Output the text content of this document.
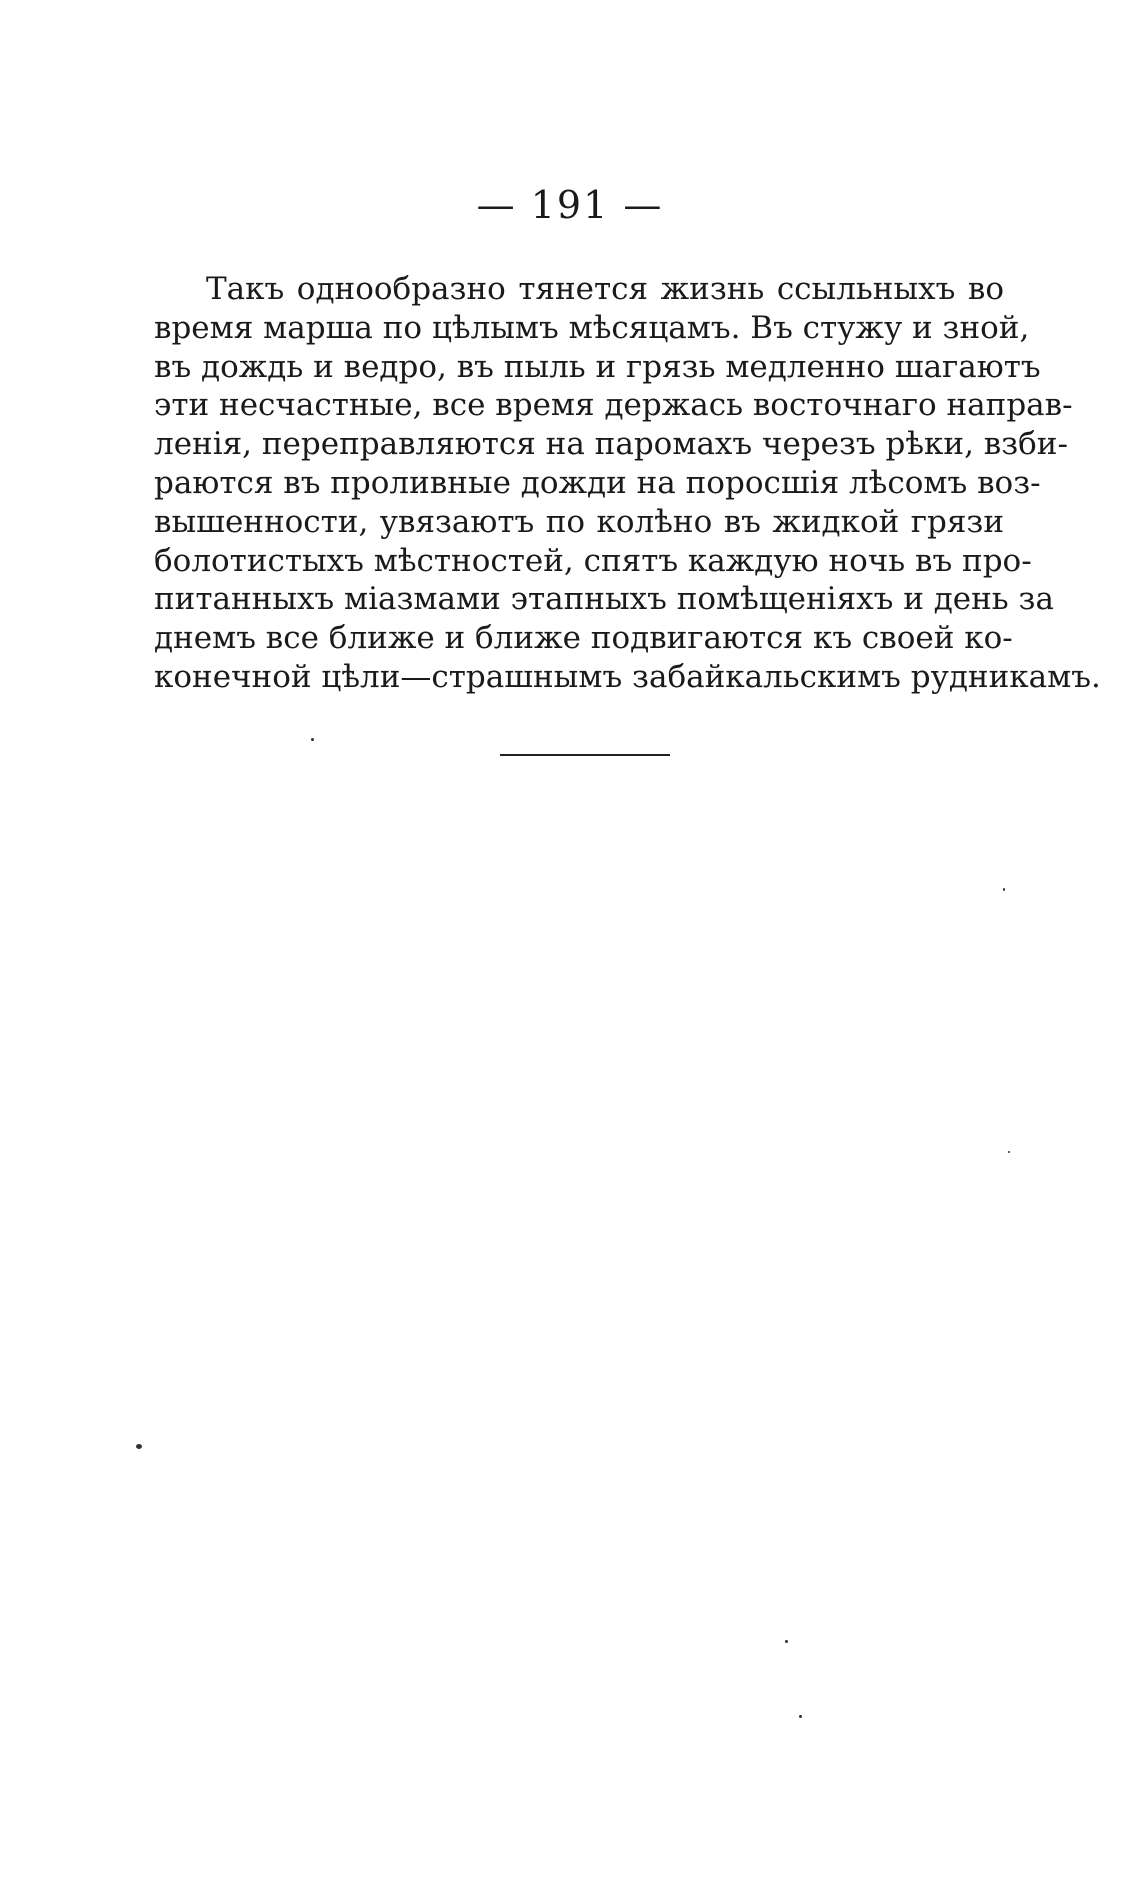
— 191 —
Такъ однообразно тянется жизнь ссыльныхъ во
время марша по цѣлымъ мѣсяцамъ. Въ стужу и зной,
въ дождь и ведро, въ пыль и грязь медленно шагаютъ
эти несчастные, все время держась восточнаго направ-
ленія, переправляются на паромахъ черезъ рѣки, взби-
раются въ проливные дожди на поросшія лѣсомъ воз-
вышенности, увязаютъ по колѣно въ жидкой грязи
болотистыхъ мѣстностей, спятъ каждую ночь въ про-
питанныхъ міазмами этапныхъ помѣщеніяхъ и день за
днемъ все ближе и ближе подвигаются къ своей ко-
конечной цѣли—страшнымъ забайкальскимъ рудникамъ.
